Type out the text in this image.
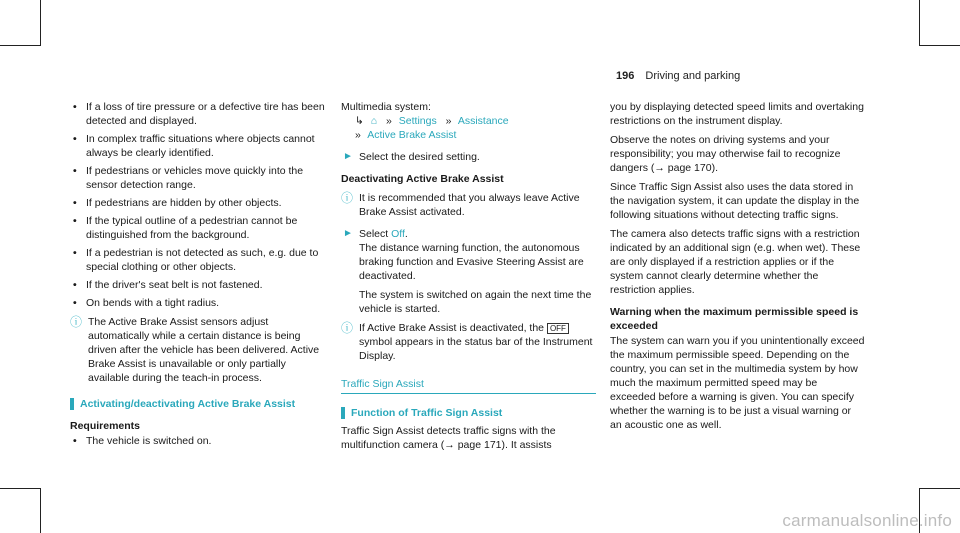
196 Driving and parking
• If a loss of tire pressure or a defective tire has been detected and displayed.
• In complex traffic situations where objects cannot always be clearly identified.
• If pedestrians or vehicles move quickly into the sensor detection range.
• If pedestrians are hidden by other objects.
• If the typical outline of a pedestrian cannot be distinguished from the background.
• If a pedestrian is not detected as such, e.g. due to special clothing or other objects.
• If the driver's seat belt is not fastened.
• On bends with a tight radius.
ⓘ The Active Brake Assist sensors adjust automatically while a certain distance is being driven after the vehicle has been delivered. Active Brake Assist is unavailable or only partially available during the teach-in process.
Activating/deactivating Active Brake Assist
Requirements
• The vehicle is switched on.
Multimedia system:
↳ ⌂ » Settings » Assistance
» Active Brake Assist
► Select the desired setting.
Deactivating Active Brake Assist
ⓘ It is recommended that you always leave Active Brake Assist activated.
► Select Off.
The distance warning function, the autonomous braking function and Evasive Steering Assist are deactivated.
The system is switched on again the next time the vehicle is started.
ⓘ If Active Brake Assist is deactivated, the OFF symbol appears in the status bar of the Instrument Display.
Traffic Sign Assist
Function of Traffic Sign Assist
Traffic Sign Assist detects traffic signs with the multifunction camera (→ page 171). It assists
you by displaying detected speed limits and overtaking restrictions on the instrument display.
Observe the notes on driving systems and your responsibility; you may otherwise fail to recognize dangers (→ page 170).
Since Traffic Sign Assist also uses the data stored in the navigation system, it can update the display in the following situations without detecting traffic signs.
The camera also detects traffic signs with a restriction indicated by an additional sign (e.g. when wet). These are only displayed if a restriction applies or if the system cannot clearly determine whether the restriction applies.
Warning when the maximum permissible speed is exceeded
The system can warn you if you unintentionally exceed the maximum permissible speed. Depending on the country, you can set in the multimedia system by how much the maximum permitted speed may be exceeded before a warning is given. You can specify whether the warning is to be just a visual warning or an acoustic one as well.
carmanualsonline.info
